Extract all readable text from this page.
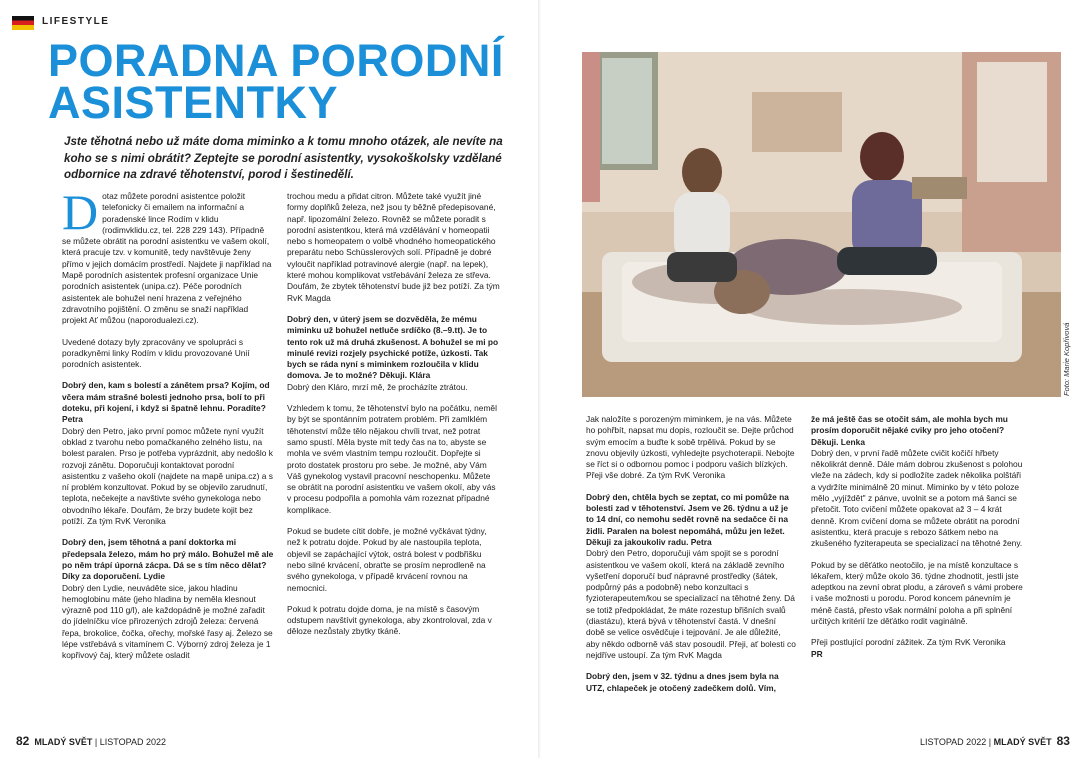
LIFESTYLE
PORADNA PORODNÍ
ASISTENTKY

Jste těhotná nebo už máte doma miminko a k tomu mnoho otázek, ale nevíte na koho se s nimi obrátit? Zeptejte se porodní asistentky, vysokoškolsky vzdělané odbornice na zdravé těhotenství, porod i šestinedělí.

Dotaz můžete porodní asistentce položit telefonicky či emailem na informační a poradenské lince Rodím v klidu (rodimvklidu.cz, tel. 228 229 143). Případně se můžete obrátit na porodní asistentku ve vašem okolí, která pracuje tzv. v komunitě, tedy navštěvuje ženy přímo v jejich domácím prostředí. Najdete ji například na Mapě porodních asistentek profesní organizace Unie porodních asistentek (unipa.cz). Péče porodních asistentek ale bohužel není hrazena z veřejného zdravotního pojištění. O změnu se snaží například projekt Ať můžou (naporodualezi.cz).

Uvedené dotazy byly zpracovány ve spolupráci s poradkyněmi linky Rodím v klidu provozované Unií porodních asistentek.

Dobrý den, kam s bolestí a zánětem prsa? Kojím, od včera mám strašné bolesti jednoho prsa, bolí to při doteku, při kojení, i když si špatně lehnu. Poradíte? Petra
Dobrý den Petro, jako první pomoc můžete nyní využít obklad z tvarohu nebo pomačkaného zelného listu, na bolest paralen. Prso je potřeba vyprázdnit, aby nedošlo k rozvoji zánětu. Doporučuji kontaktovat porodní asistentku z vašeho okolí (najdete na mapě unipa.cz) a s ní problém konzultovat. Pokud by se objevilo zarudnutí, teplota, nečekejte a navštivte svého gynekologa nebo obvodního lékaře. Doufám, že brzy budete kojit bez potíží. Za tým RvK Veronika

Dobrý den, jsem těhotná a paní doktorka mi předepsala železo, mám ho prý málo. Bohužel mě ale po něm trápí úporná zácpa. Dá se s tím něco dělat? Díky za doporučení. Lydie
Dobrý den Lydie, neuváděte sice, jakou hladinu hemoglobinu máte (jeho hladina by neměla klesnout výrazně pod 110 g/l), ale každopádně je možné zařadit do jídelníčku více přirozených zdrojů železa: červená řepa, brokolice, čočka, ořechy, mořské řasy aj. Železo se lépe vstřebává s vitamínem C. Výborný zdroj železa je 1 kopřivový čaj, který můžete osladit

trochou medu a přidat citron. Můžete také využít jiné formy doplňků železa, než jsou ty běžně předepisované, např. lipozomální železo. Rovněž se můžete poradit s porodní asistentkou, která má vzdělávání v homeopatii nebo s homeopatem o volbě vhodného homeopatického preparátu nebo Schüsslerových solí. Případně je dobré vyloučit například potravinové alergie (např. na lepek), které mohou komplikovat vstřebávání železa ze střeva. Doufám, že zbytek těhotenství bude již bez potíží. Za tým RvK Magda

Dobrý den, v úterý jsem se dozvěděla, že mému miminku už bohužel netluče srdíčko (8.–9.tt). Je to tento rok už má druhá zkušenost. A bohužel se mi po minulé revizi rozjely psychické potíže, úzkosti. Tak bych se ráda nyní s miminkem rozloučila v klidu domova. Je to možné? Děkuji. Klára
Dobrý den Kláro, mrzí mě, že procházíte ztrátou.

Vzhledem k tomu, že těhotenství bylo na počátku, neměl by být se spontánním potratem problém. Při zamlklém těhotenství může tělo nějakou chvíli trvat, než potrat samo spustí. Měla byste mít tedy čas na to, abyste se mohla ve svém vlastním tempu rozloučit. Dopřejte si proto dostatek prostoru pro sebe. Je možné, aby Vám Váš gynekolog vystavil pracovní neschopenku. Můžete se obrátit na porodní asistentku ve vašem okolí, aby vás v procesu podpořila a pomohla vám rozeznat případné komplikace.

Pokud se budete cítit dobře, je možné vyčkávat týdny, než k potratu dojde. Pokud by ale nastoupila teplota, objevil se zapáchající výtok, ostrá bolest v podbřišku nebo silné krvácení, obraťte se prosím neprodleně na svého gynekologa, v případě krvácení rovnou na nemocnici.

Pokud k potratu dojde doma, je na místě s časovým odstupem navštívit gynekologa, aby zkontroloval, zda v děloze nezůstaly zbytky tkáně.

82 MLADÝ SVĚT | LISTOPAD 2022
Foto: Marie Kopřivová

Jak naložíte s porozeným miminkem, je na vás. Můžete ho pohřbít, napsat mu dopis, rozloučit se. Dejte průchod svým emocím a buďte k sobě trpělivá. Pokud by se znovu objevily úzkosti, vyhledejte psychoterapii. Nebojte se říct si o odbornou pomoc i podporu vašich blízkých. Přeji vše dobré. Za tým RvK Veronika

Dobrý den, chtěla bych se zeptat, co mi pomůže na bolesti zad v těhotenství. Jsem ve 26. týdnu a už je to 14 dní, co nemohu sedět rovně na sedačce či na židli. Paralen na bolest nepomáhá, můžu jen ležet. Děkuji za jakoukoliv radu. Petra
Dobrý den Petro, doporučuji vám spojit se s porodní asistentkou ve vašem okolí, která na základě zevního vyšetření doporučí buď nápravné prostředky (šátek, podpůrný pás a podobně) nebo konzultaci s fyzioterapeutem/kou se specializací na těhotné ženy. Dá se totiž předpokládat, že máte rozestup břišních svalů (diastázu), která bývá v těhotenství častá. V dnešní době se velice osvědčuje i tejpování. Je ale důležité, aby někdo odborně váš stav posoudil. Přeji, ať bolesti co nejdříve ustoupí. Za tým RvK Magda

Dobrý den, jsem v 32. týdnu a dnes jsem byla na UTZ, chlapeček je otočený zadečkem dolů. Vím,

že má ještě čas se otočit sám, ale mohla bych mu prosím doporučit nějaké cviky pro jeho otočení? Děkuji. Lenka
Dobrý den, v první řadě můžete cvičit kočičí hřbety několikrát denně. Dále mám dobrou zkušenost s polohou vleže na zádech, kdy si podložíte zadek několika polštáři a vydržíte minimálně 20 minut. Miminko by v této poloze mělo „vyjíždět" z pánve, uvolnit se a potom má šanci se přetočit. Toto cvičení můžete opakovat až 3 – 4 krát denně. Krom cvičení doma se můžete obrátit na porodní asistentku, která pracuje s rebozo šátkem nebo na zkušeného fyziterapeuta se specializací na těhotné ženy.

Pokud by se děťátko neotočilo, je na místě konzultace s lékařem, který může okolo 36. týdne zhodnotit, jestli jste adeptkou na zevní obrat plodu, a zároveň s vámi probere i vaše možnosti u porodu. Porod koncem pánevním je méně častá, přesto však normální poloha a při splnění určitých kritérií lze děťátko rodit vaginálně.

Přeji postlující porodní zážitek. Za tým RvK Veronika
PR

LISTOPAD 2022 | MLADÝ SVĚT 83
